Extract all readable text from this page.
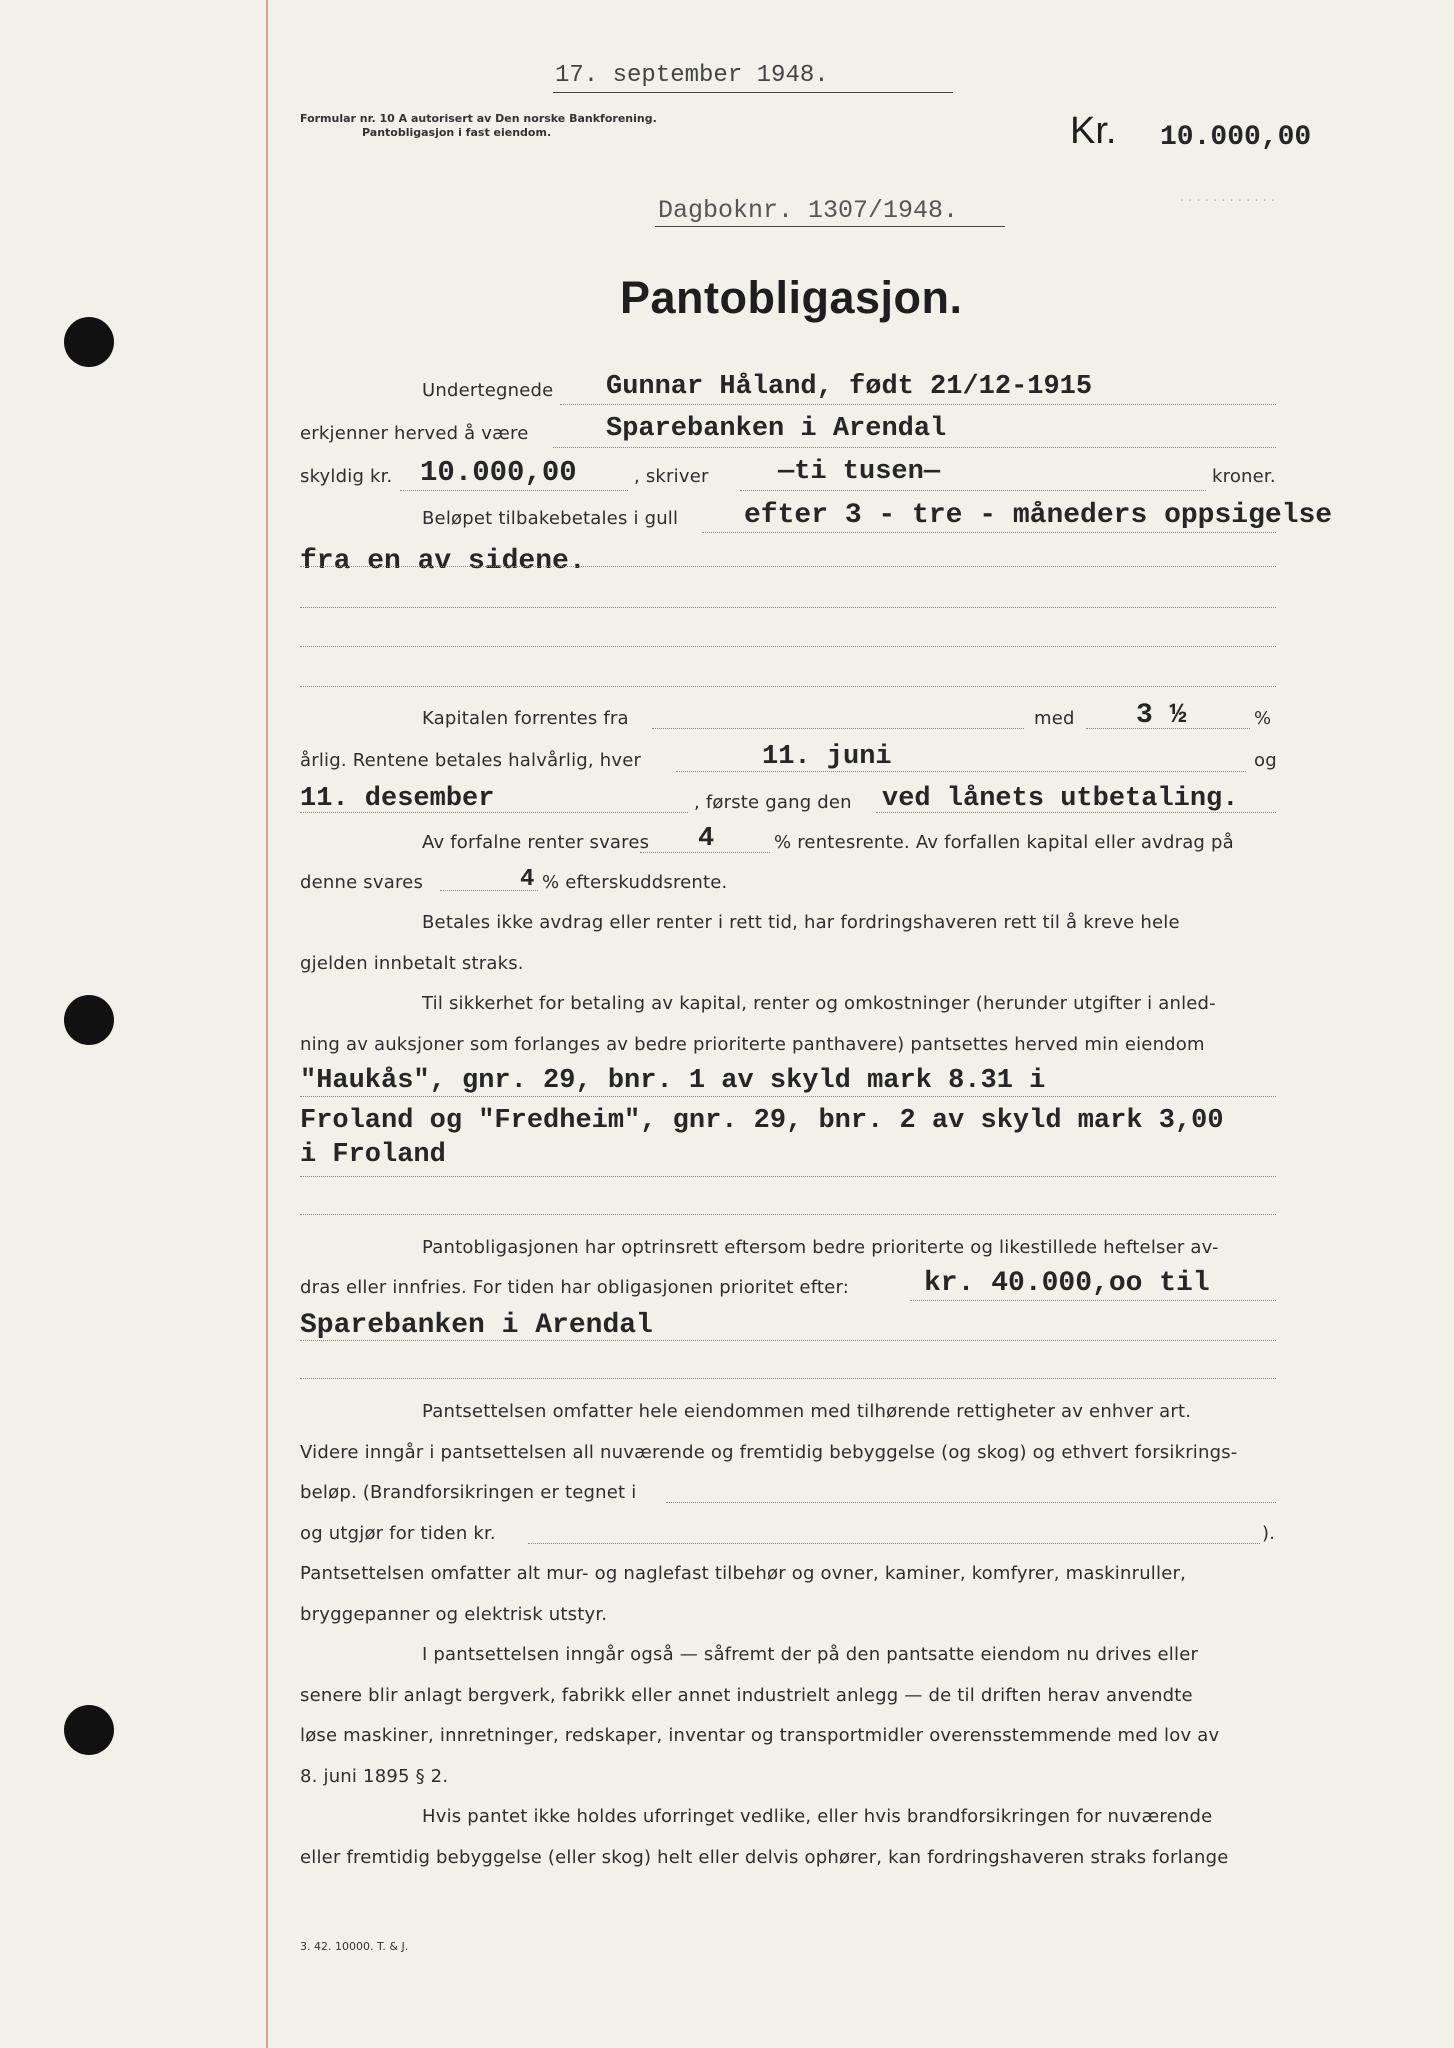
17. september 1948.
Formular nr. 10 A autorisert av Den norske Bankforening.
Pantobligasjon i fast eiendom.	Kr. 10.000,00
Dagboknr. 1307/1948.
Pantobligasjon.
. . . . . . . . . . . .
Undertegnede Gunnar Håland, født 21/12-1915
erkjenner herved å være	Sparebanken i Arendal
skyldig kr. 10.000,00	, skriver	—ti tusen—	kroner.
Beløpet tilbakebetales i gull efter 3 - tre - måneders oppsigelse
fra en av sidene.
Kapitalen forrentes fra	med 3 ½	%
årlig. Rentene betales halvårlig, hver	11. juni	og
11. desember	, første gang den ved lånets utbetaling.
Av forfalne renter svares 4	% rentesrente. Av forfallen kapital eller avdrag på
denne svares	4 % efterskuddsrente.
Betales ikke avdrag eller renter i rett tid, har fordringshaveren rett til å kreve hele
gjelden innbetalt straks.
Til sikkerhet for betaling av kapital, renter og omkostninger (herunder utgifter i anled-
ning av auksjoner som forlanges av bedre prioriterte panthavere) pantsettes herved min eiendom
"Haukås", gnr. 29, bnr. 1 av skyld mark 8.31 i
Froland og "Fredheim", gnr. 29, bnr. 2 av skyld mark 3,00
i Froland
Pantobligasjonen har optrinsrett eftersom bedre prioriterte og likestillede heftelser av-
dras eller innfries. For tiden har obligasjonen prioritet efter:	kr. 40.000,oo til
Sparebanken i Arendal
Pantsettelsen omfatter hele eiendommen med tilhørende rettigheter av enhver art.
Videre inngår i pantsettelsen all nuværende og fremtidig bebyggelse (og skog) og ethvert forsikrings-
beløp. (Brandforsikringen er tegnet i
og utgjør for tiden kr.	).
Pantsettelsen omfatter alt mur- og naglefast tilbehør og ovner, kaminer, komfyrer, maskinruller,
bryggepanner og elektrisk utstyr.
I pantsettelsen inngår også — såfremt der på den pantsatte eiendom nu drives eller
senere blir anlagt bergverk, fabrikk eller annet industrielt anlegg — de til driften herav anvendte
løse maskiner, innretninger, redskaper, inventar og transportmidler overensstemmende med lov av
8. juni 1895 § 2.
Hvis pantet ikke holdes uforringet vedlike, eller hvis brandforsikringen for nuværende
eller fremtidig bebyggelse (eller skog) helt eller delvis ophører, kan fordringshaveren straks forlange
3. 42. 10000. T. & J.
